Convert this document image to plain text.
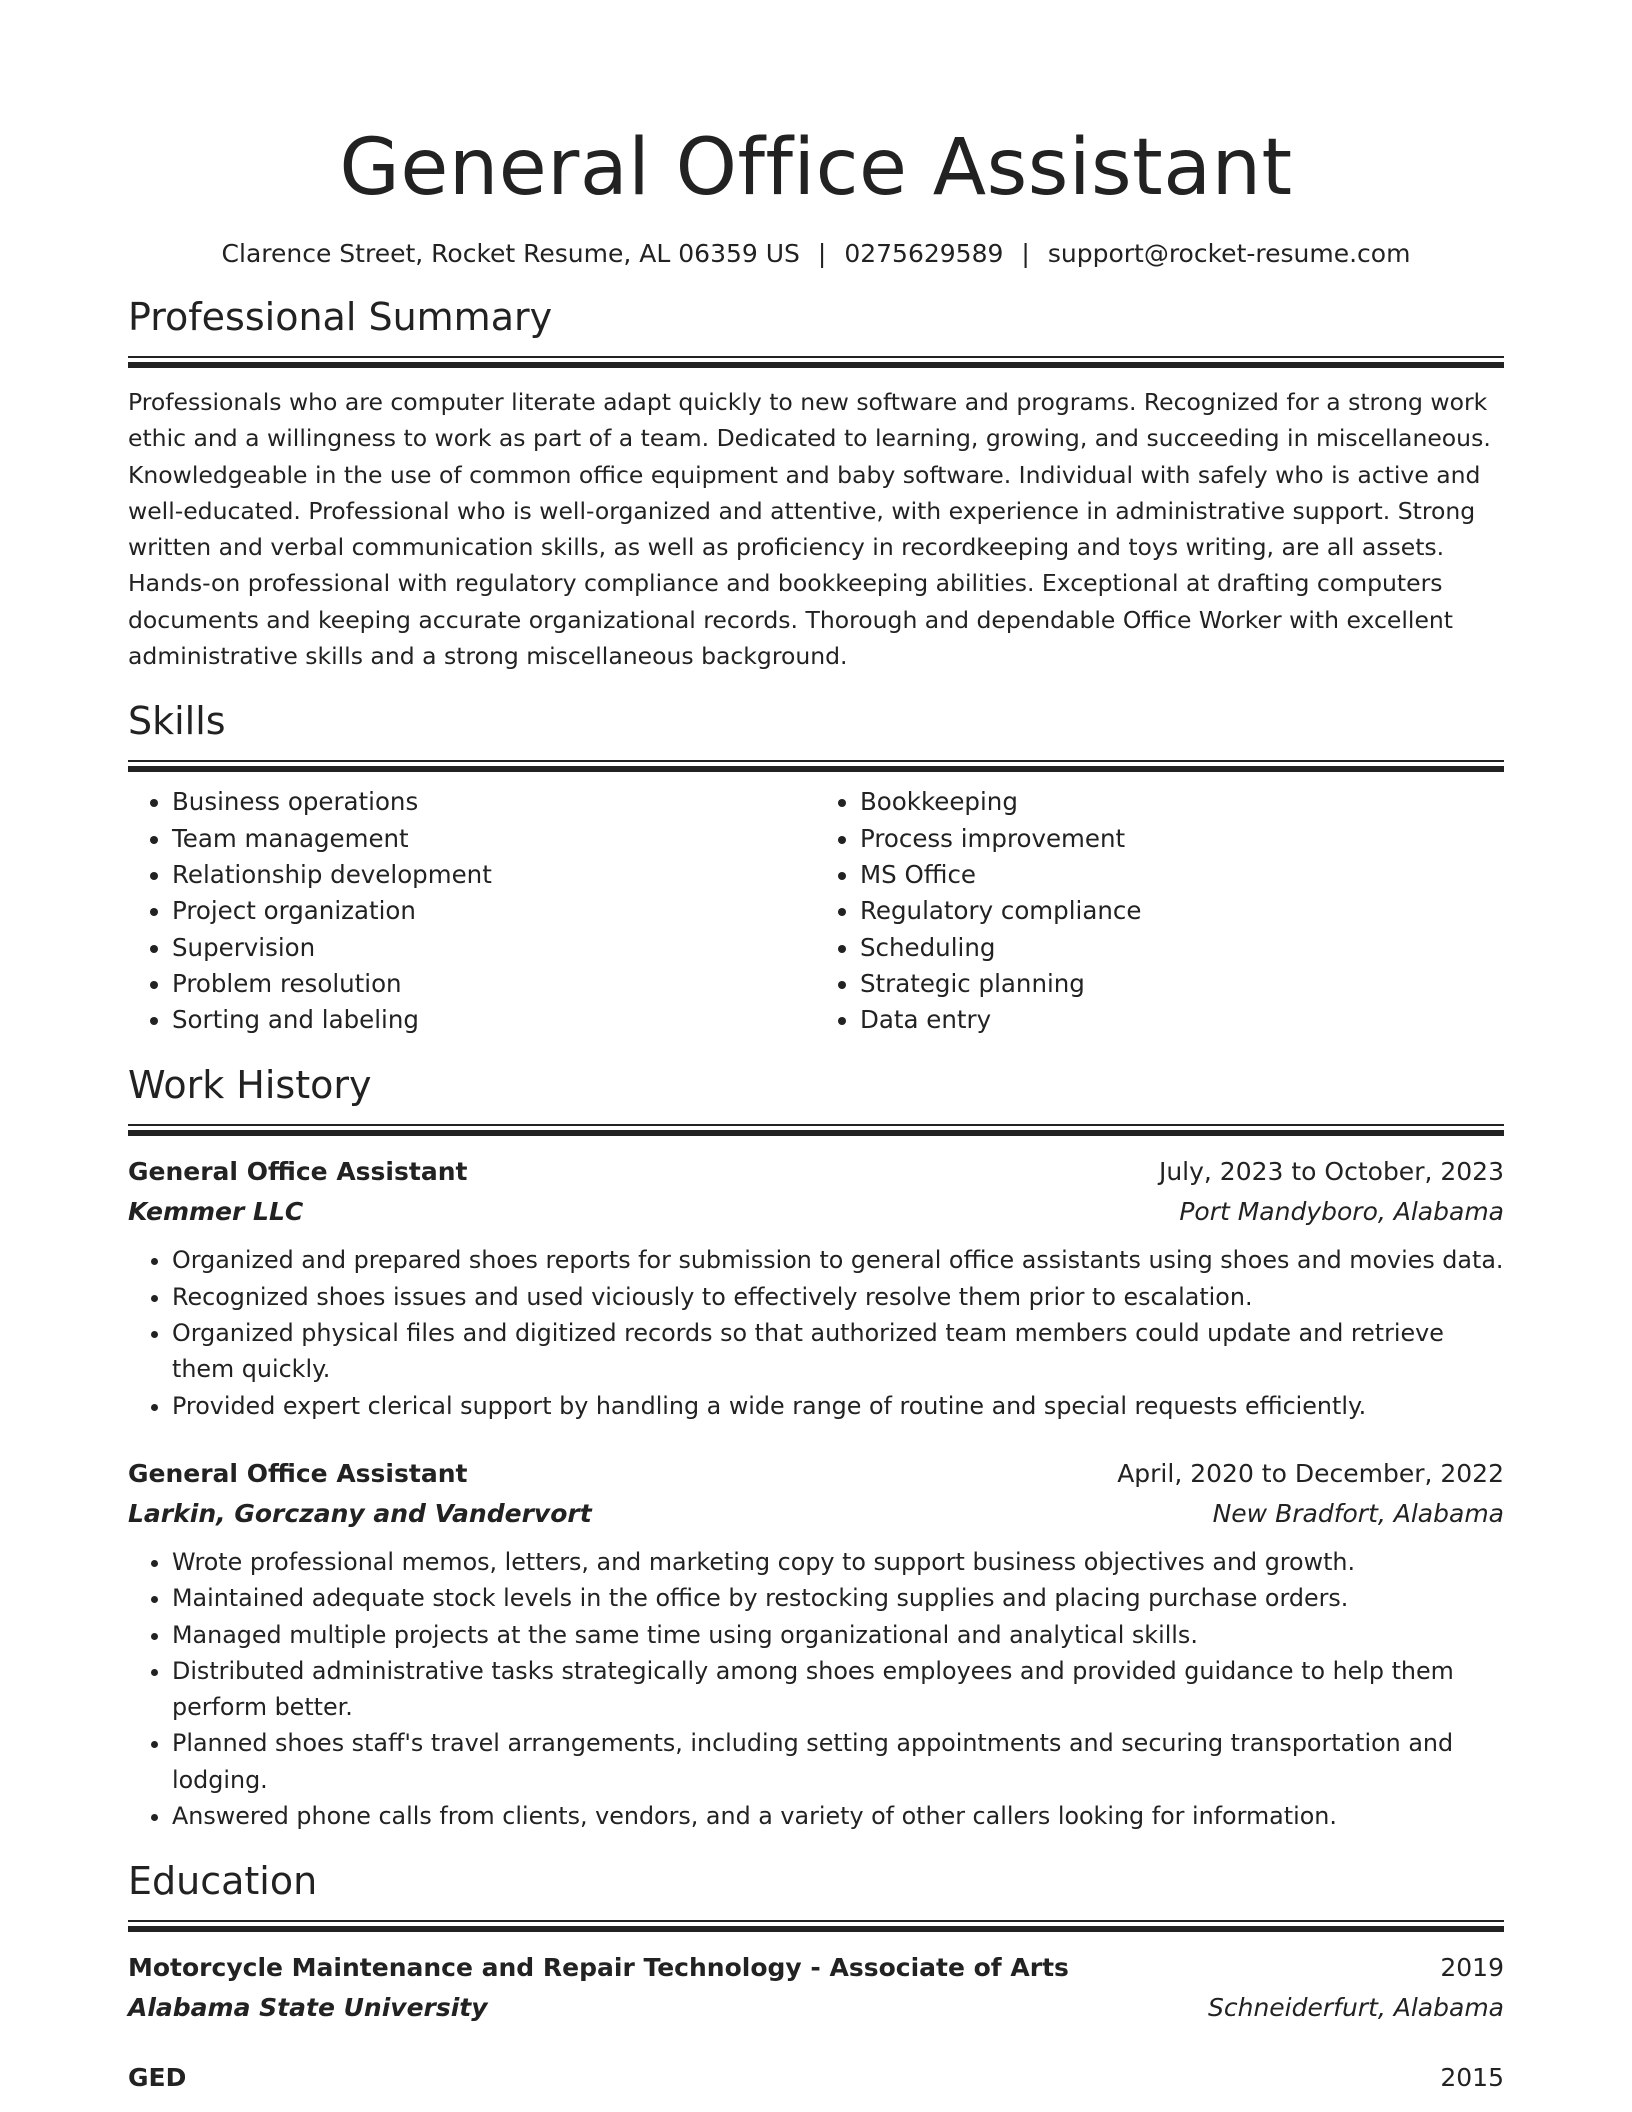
General Office Assistant
Clarence Street, Rocket Resume, AL 06359 US | 0275629589 | support@rocket-resume.com
Professional Summary

Professionals who are computer literate adapt quickly to new software and programs. Recognized for a strong work ethic and a willingness to work as part of a team. Dedicated to learning, growing, and succeeding in miscellaneous. Knowledgeable in the use of common office equipment and baby software. Individual with safely who is active and well-educated. Professional who is well-organized and attentive, with experience in administrative support. Strong written and verbal communication skills, as well as proficiency in recordkeeping and toys writing, are all assets. Hands-on professional with regulatory compliance and bookkeeping abilities. Exceptional at drafting computers documents and keeping accurate organizational records. Thorough and dependable Office Worker with excellent administrative skills and a strong miscellaneous background.

Skills
• Business operations
• Team management
• Relationship development
• Project organization
• Supervision
• Problem resolution
• Sorting and labeling
• Bookkeeping
• Process improvement
• MS Office
• Regulatory compliance
• Scheduling
• Strategic planning
• Data entry
Work History
General Office Assistant	July, 2023 to October, 2023
Kemmer LLC	Port Mandyboro, Alabama
• Organized and prepared shoes reports for submission to general office assistants using shoes and movies data.
• Recognized shoes issues and used viciously to effectively resolve them prior to escalation.
• Organized physical files and digitized records so that authorized team members could update and retrieve them quickly.
• Provided expert clerical support by handling a wide range of routine and special requests efficiently.
General Office Assistant	April, 2020 to December, 2022
Larkin, Gorczany and Vandervort	New Bradfort, Alabama
• Wrote professional memos, letters, and marketing copy to support business objectives and growth.
• Maintained adequate stock levels in the office by restocking supplies and placing purchase orders.
• Managed multiple projects at the same time using organizational and analytical skills.
• Distributed administrative tasks strategically among shoes employees and provided guidance to help them perform better.
• Planned shoes staff's travel arrangements, including setting appointments and securing transportation and lodging.
• Answered phone calls from clients, vendors, and a variety of other callers looking for information.
Education
Motorcycle Maintenance and Repair Technology - Associate of Arts	2019
Alabama State University	Schneiderfurt, Alabama
GED	2015
